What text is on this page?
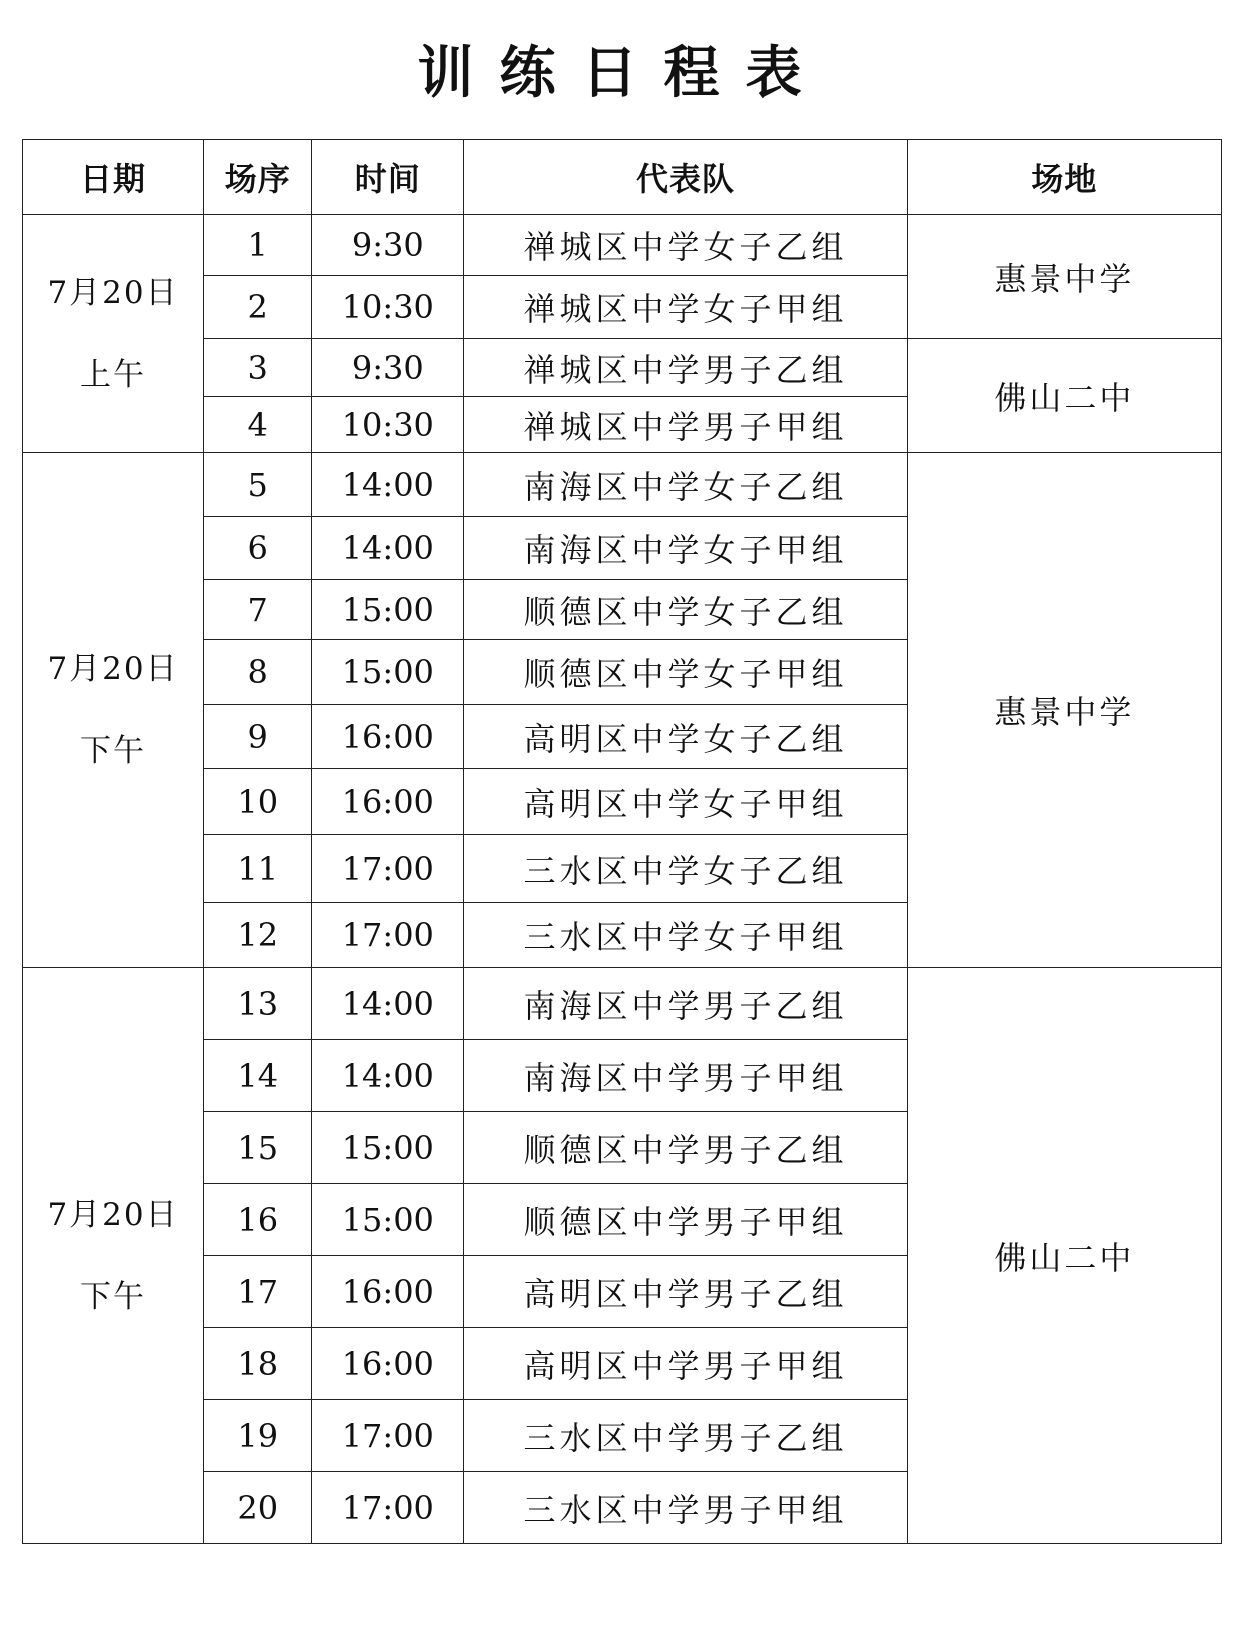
训练日程表
日期	场序	时间	代表队	场地

7月20日
上午	1	9:30	禅城区中学女子乙组	惠景中学
	2	10:30	禅城区中学女子甲组	
	3	9:30	禅城区中学男子乙组	佛山二中
	4	10:30	禅城区中学男子甲组	

7月20日
下午	5	14:00	南海区中学女子乙组	惠景中学
	6	14:00	南海区中学女子甲组	
	7	15:00	顺德区中学女子乙组	
	8	15:00	顺德区中学女子甲组	
	9	16:00	高明区中学女子乙组	
	10	16:00	高明区中学女子甲组	
	11	17:00	三水区中学女子乙组	
	12	17:00	三水区中学女子甲组	

7月20日
下午	13	14:00	南海区中学男子乙组	佛山二中
	14	14:00	南海区中学男子甲组	
	15	15:00	顺德区中学男子乙组	
	16	15:00	顺德区中学男子甲组	
	17	16:00	高明区中学男子乙组	
	18	16:00	高明区中学男子甲组	
	19	17:00	三水区中学男子乙组	
	20	17:00	三水区中学男子甲组	
